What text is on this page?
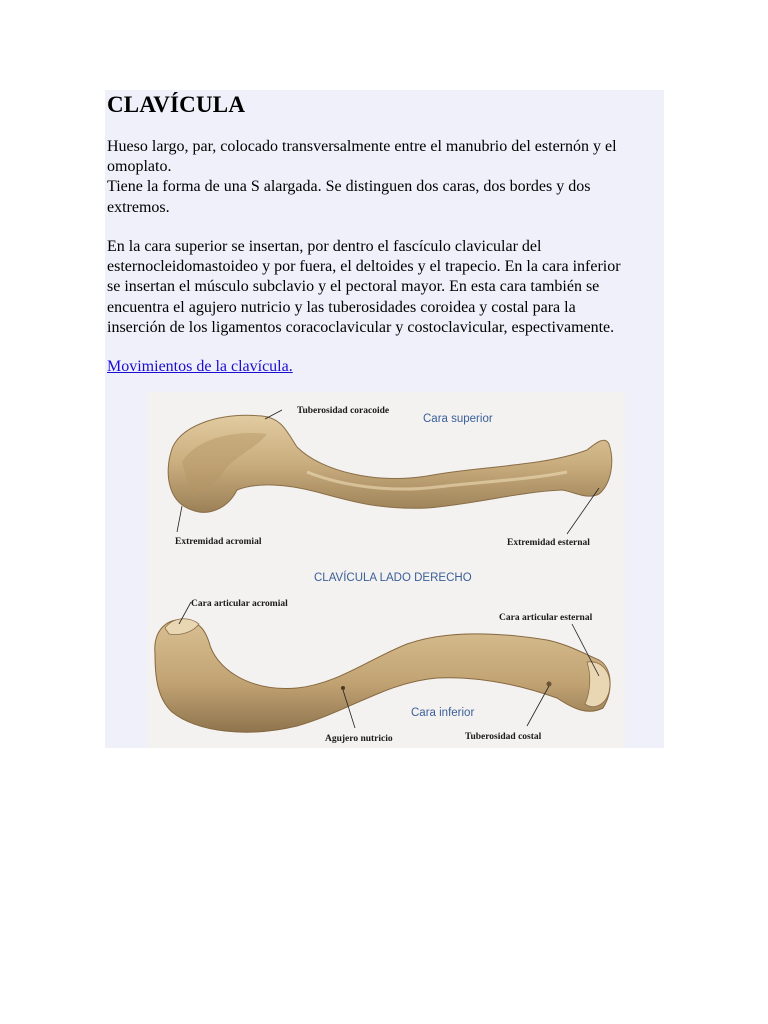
CLAVÍCULA

Hueso largo, par, colocado transversalmente entre el manubrio del esternón y el
omoplato.
Tiene la forma de una S alargada. Se distinguen dos caras, dos bordes y dos
extremos.

En la cara superior se insertan, por dentro el fascículo clavicular del
esternocleidomastoideo y por fuera, el deltoides y el trapecio. En la cara inferior
se insertan el músculo subclavio y el pectoral mayor. En esta cara también se
encuentra el agujero nutricio y las tuberosidades coroidea y costal para la
inserción de los ligamentos coracoclavicular y costoclavicular, espectivamente.

Movimientos de la clavícula.
Tuberosidad coracoide
Cara superior
Extremidad acromial	Extremidad esternal
CLAVÍCULA LADO DERECHO
Cara articular acromial
Cara articular esternal
Cara inferior
Agujero nutricio	Tuberosidad costal
